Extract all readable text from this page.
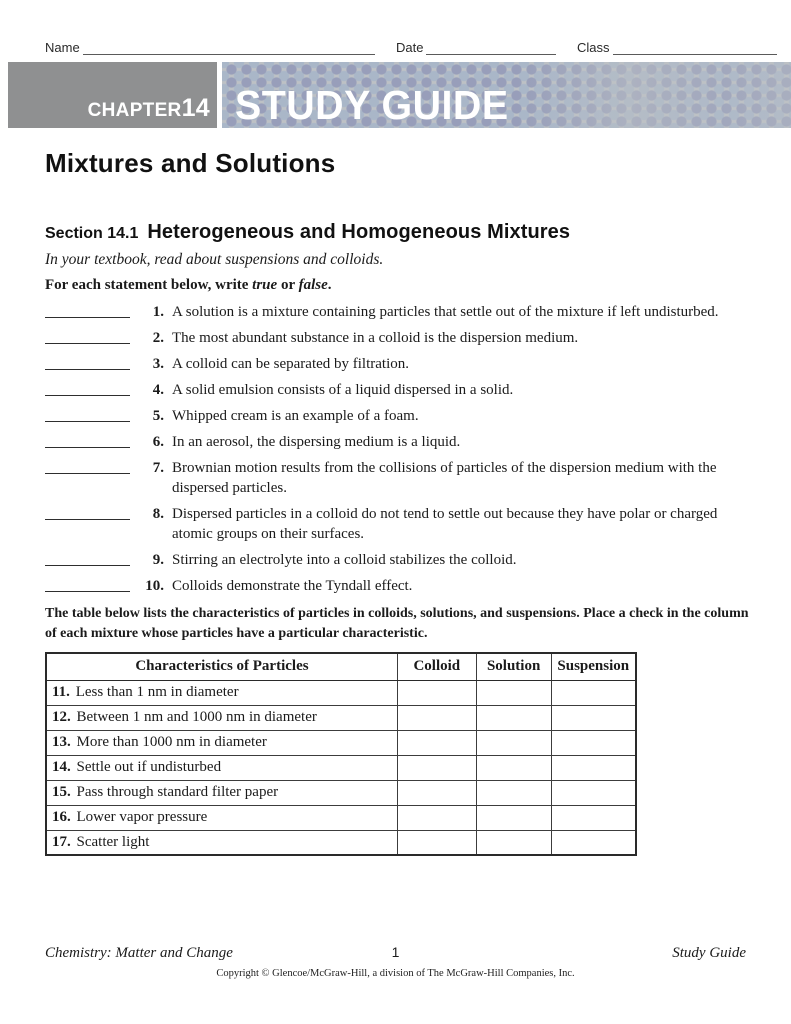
Name	Date	Class
CHAPTER 14 STUDY GUIDE
Mixtures and Solutions
Section 14.1 Heterogeneous and Homogeneous Mixtures
In your textbook, read about suspensions and colloids.
For each statement below, write true or false.
1. A solution is a mixture containing particles that settle out of the mixture if left undisturbed.
2. The most abundant substance in a colloid is the dispersion medium.
3. A colloid can be separated by filtration.
4. A solid emulsion consists of a liquid dispersed in a solid.
5. Whipped cream is an example of a foam.
6. In an aerosol, the dispersing medium is a liquid.
7. Brownian motion results from the collisions of particles of the dispersion medium with the dispersed particles.
8. Dispersed particles in a colloid do not tend to settle out because they have polar or charged atomic groups on their surfaces.
9. Stirring an electrolyte into a colloid stabilizes the colloid.
10. Colloids demonstrate the Tyndall effect.
The table below lists the characteristics of particles in colloids, solutions, and suspensions. Place a check in the column of each mixture whose particles have a particular characteristic.
Characteristics of Particles	Colloid	Solution	Suspension
11. Less than 1 nm in diameter			
12. Between 1 nm and 1000 nm in diameter			
13. More than 1000 nm in diameter			
14. Settle out if undisturbed			
15. Pass through standard filter paper			
16. Lower vapor pressure			
17. Scatter light			
Chemistry: Matter and Change	1	Study Guide
Copyright © Glencoe/McGraw-Hill, a division of The McGraw-Hill Companies, Inc.
